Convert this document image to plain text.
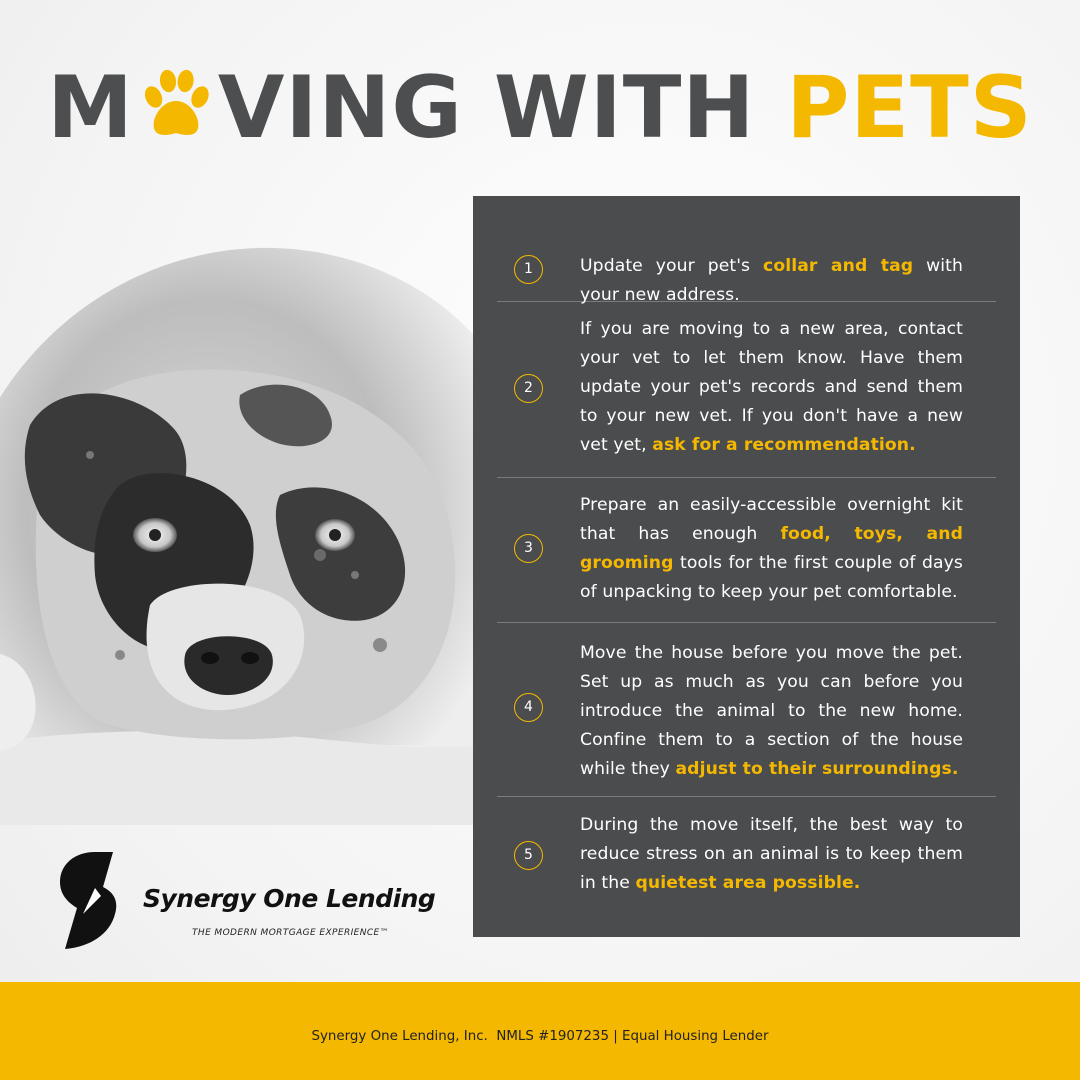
M VING WITH PETS
1	Update your pet's collar and tag with your new address.
2
If you are moving to a new area, contact your vet to let them know. Have them update your pet's records and send them to your new vet. If you don't have a new vet yet, ask for a recommendation.
3
Prepare an easily-accessible overnight kit that has enough food, toys, and grooming tools for the first couple of days of unpacking to keep your pet comfortable.
4
Move the house before you move the pet. Set up as much as you can before you introduce the animal to the new home. Confine them to a section of the house while they adjust to their surroundings.
5
During the move itself, the best way to reduce stress on an animal is to keep them in the quietest area possible.
Synergy One Lending
THE MODERN MORTGAGE EXPERIENCE™
Synergy One Lending, Inc.  NMLS #1907235 | Equal Housing Lender
